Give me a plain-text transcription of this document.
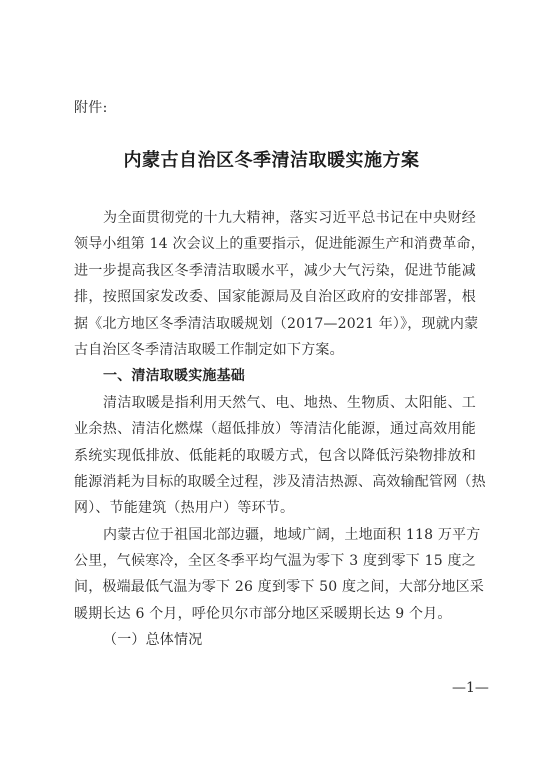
附件:
内蒙古自治区冬季清洁取暖实施方案
为全面贯彻党的十九大精神，落实习近平总书记在中央财经
领导小组第 14 次会议上的重要指示，促进能源生产和消费革命，
进一步提高我区冬季清洁取暖水平，减少大气污染，促进节能减
排，按照国家发改委、国家能源局及自治区政府的安排部署，根
据《北方地区冬季清洁取暖规划（2017—2021 年）》，现就内蒙
古自治区冬季清洁取暖工作制定如下方案。
一、清洁取暖实施基础
清洁取暖是指利用天然气、电、地热、生物质、太阳能、工
业余热、清洁化燃煤（超低排放）等清洁化能源，通过高效用能
系统实现低排放、低能耗的取暖方式，包含以降低污染物排放和
能源消耗为目标的取暖全过程，涉及清洁热源、高效输配管网（热
网）、节能建筑（热用户）等环节。
内蒙古位于祖国北部边疆，地域广阔，土地面积 118 万平方
公里，气候寒冷，全区冬季平均气温为零下 3 度到零下 15 度之
间，极端最低气温为零下 26 度到零下 50 度之间，大部分地区采
暖期长达 6 个月，呼伦贝尔市部分地区采暖期长达 9 个月。
（一）总体情况
—1—
